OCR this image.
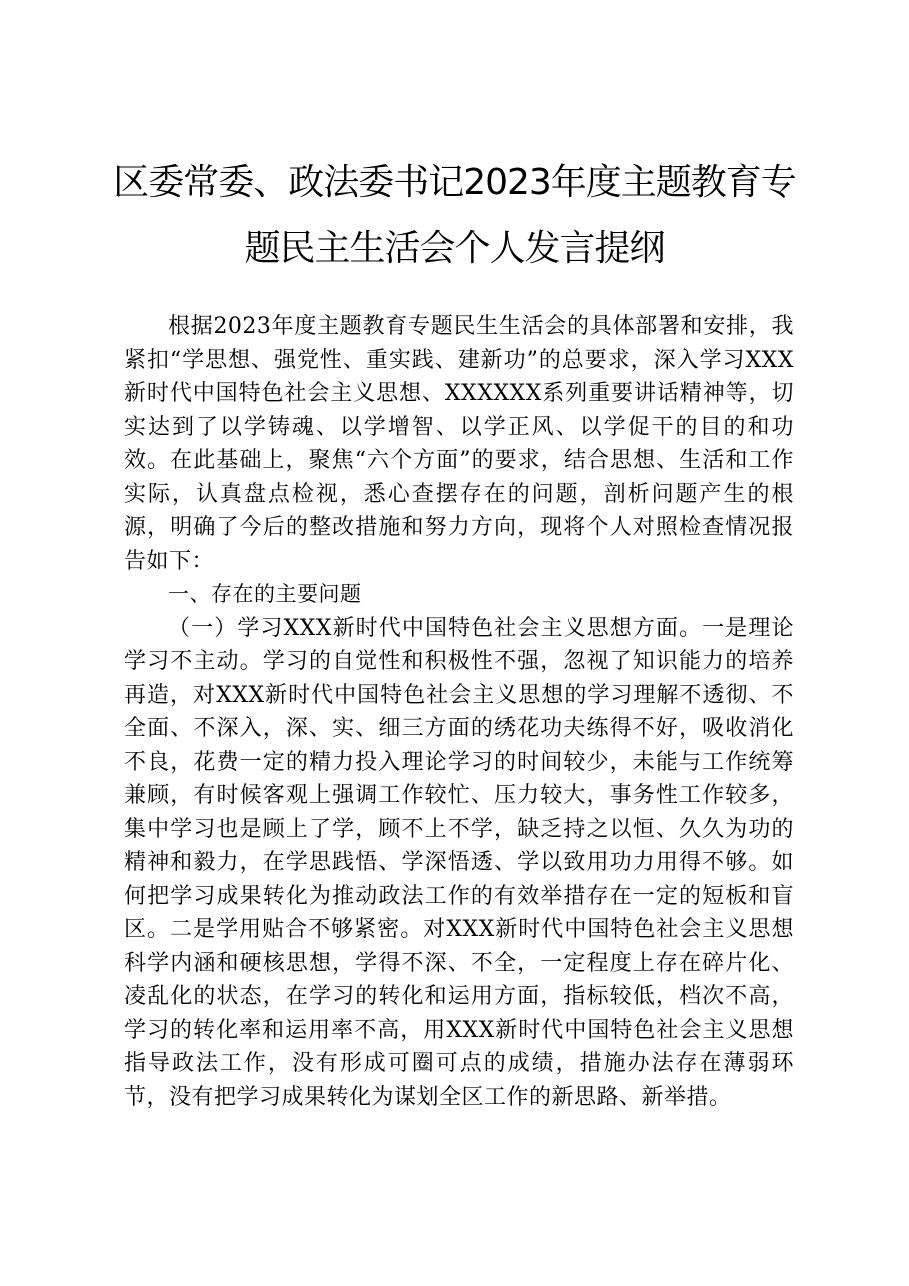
区委常委、政法委书记2023年度主题教育专
题民主生活会个人发言提纲

根据2023年度主题教育专题民生生活会的具体部署和安排，我紧扣“学思想、强党性、重实践、建新功”的总要求，深入学习XXX新时代中国特色社会主义思想、XXXXXX系列重要讲话精神等，切实达到了以学铸魂、以学增智、以学正风、以学促干的目的和功效。在此基础上，聚焦“六个方面”的要求，结合思想、生活和工作实际，认真盘点检视，悉心查摆存在的问题，剖析问题产生的根源，明确了今后的整改措施和努力方向，现将个人对照检查情况报告如下：

一、存在的主要问题

（一）学习XXX新时代中国特色社会主义思想方面。一是理论学习不主动。学习的自觉性和积极性不强，忽视了知识能力的培养再造，对XXX新时代中国特色社会主义思想的学习理解不透彻、不全面、不深入，深、实、细三方面的绣花功夫练得不好，吸收消化不良，花费一定的精力投入理论学习的时间较少，未能与工作统筹兼顾，有时候客观上强调工作较忙、压力较大，事务性工作较多，集中学习也是顾上了学，顾不上不学，缺乏持之以恒、久久为功的精神和毅力，在学思践悟、学深悟透、学以致用功力用得不够。如何把学习成果转化为推动政法工作的有效举措存在一定的短板和盲区。二是学用贴合不够紧密。对XXX新时代中国特色社会主义思想科学内涵和硬核思想，学得不深、不全，一定程度上存在碎片化、凌乱化的状态，在学习的转化和运用方面，指标较低，档次不高，学习的转化率和运用率不高，用XXX新时代中国特色社会主义思想指导政法工作，没有形成可圈可点的成绩，措施办法存在薄弱环节，没有把学习成果转化为谋划全区工作的新思路、新举措。
